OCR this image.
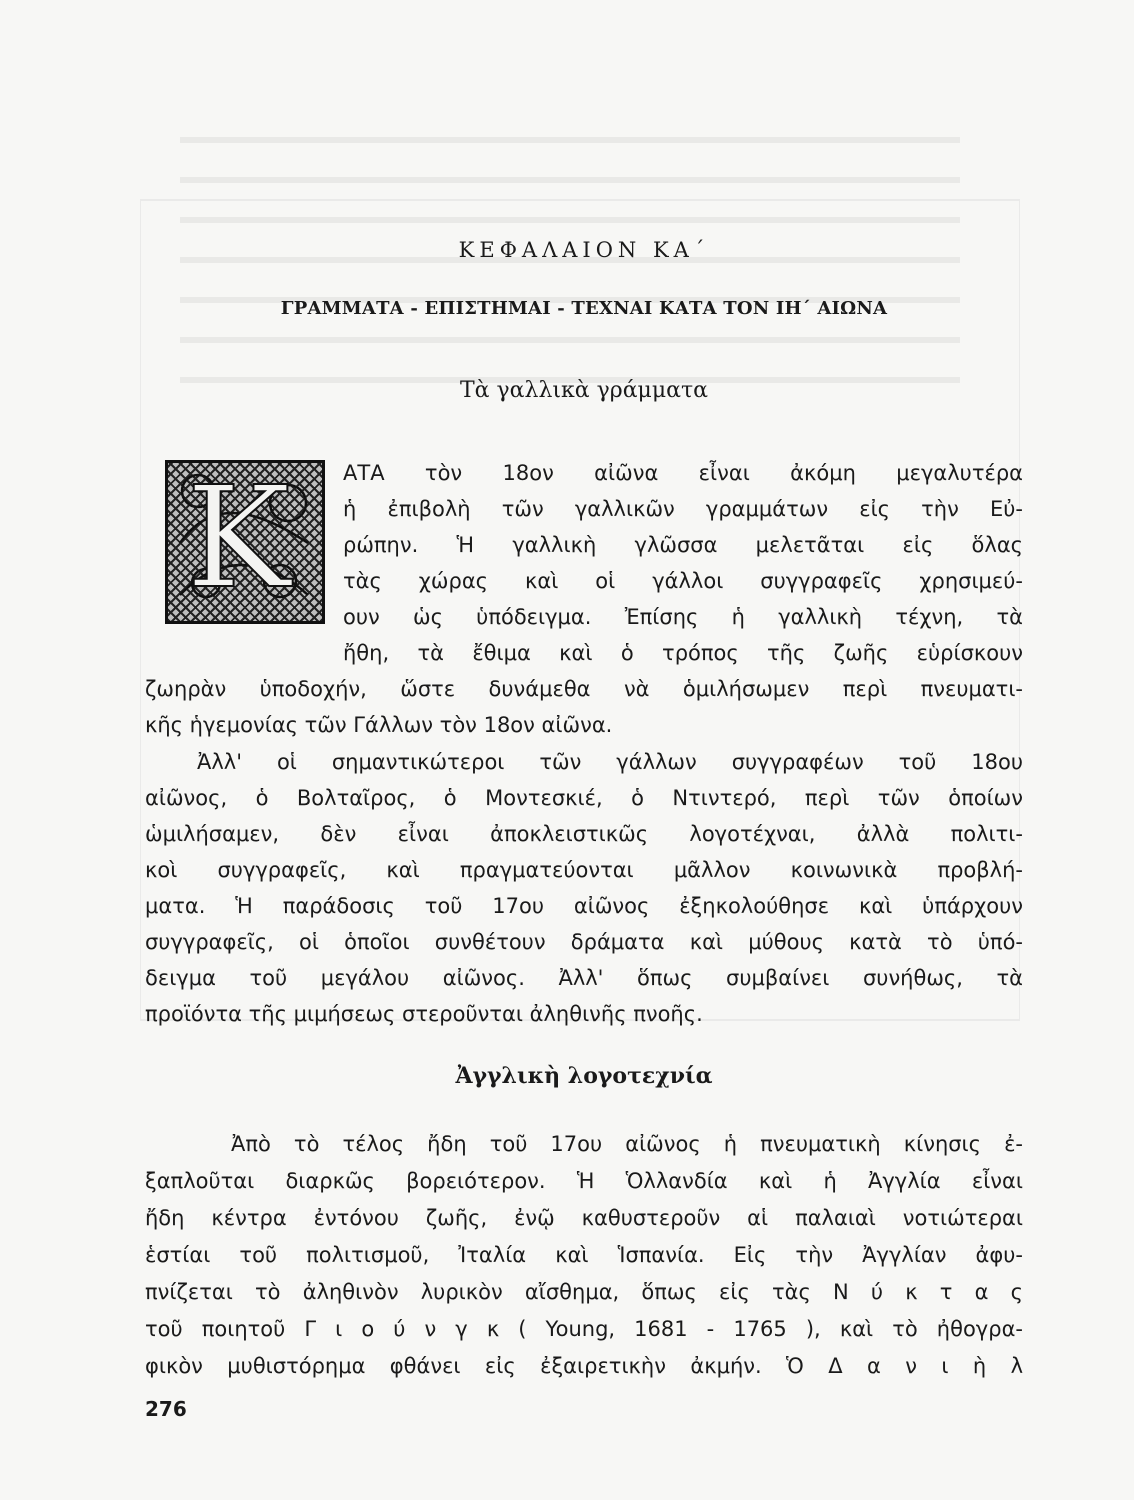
ΚΕΦΑΛΑΙΟΝ ΚΑ΄
ΓΡΑΜΜΑΤΑ - ΕΠΙΣΤΗΜΑΙ - ΤΕΧΝΑΙ ΚΑΤΑ ΤΟΝ ΙΗ΄ ΑΙΩΝΑ
Τὰ γαλλικὰ γράμματα
K ΑΤΑ τὸν 18ον αἰῶνα εἶναι ἀκόμη μεγαλυτέρα
ἡ ἐπιβολὴ τῶν γαλλικῶν γραμμάτων εἰς τὴν Εὐ-
ρώπην. Ἡ γαλλικὴ γλῶσσα μελετᾶται εἰς ὅλας
τὰς χώρας καὶ οἱ γάλλοι συγγραφεῖς χρησιμεύ-
ουν ὡς ὑπόδειγμα. Ἐπίσης ἡ γαλλικὴ τέχνη, τὰ
ἤθη, τὰ ἔθιμα καὶ ὁ τρόπος τῆς ζωῆς εὑρίσκουν
ζωηρὰν ὑποδοχήν, ὥστε δυνάμεθα νὰ ὁμιλήσωμεν περὶ πνευματι-
κῆς ἡγεμονίας τῶν Γάλλων τὸν 18ον αἰῶνα.
Ἀλλ' οἱ σημαντικώτεροι τῶν γάλλων συγγραφέων τοῦ 18ου
αἰῶνος, ὁ Βολταῖρος, ὁ Μοντεσκιέ, ὁ Ντιντερό, περὶ τῶν ὁποίων
ὡμιλήσαμεν, δὲν εἶναι ἀποκλειστικῶς λογοτέχναι, ἀλλὰ πολιτι-
κοὶ συγγραφεῖς, καὶ πραγματεύονται μᾶλλον κοινωνικὰ προβλή-
ματα. Ἡ παράδοσις τοῦ 17ου αἰῶνος ἐξηκολούθησε καὶ ὑπάρχουν
συγγραφεῖς, οἱ ὁποῖοι συνθέτουν δράματα καὶ μύθους κατὰ τὸ ὑπό-
δειγμα τοῦ μεγάλου αἰῶνος. Ἀλλ' ὅπως συμβαίνει συνήθως, τὰ
προϊόντα τῆς μιμήσεως στεροῦνται ἀληθινῆς πνοῆς.
Ἀγγλικὴ λογοτεχνία
Ἀπὸ τὸ τέλος ἤδη τοῦ 17ου αἰῶνος ἡ πνευματικὴ κίνησις ἐ-
ξαπλοῦται διαρκῶς βορειότερον. Ἡ Ὁλλανδία καὶ ἡ Ἀγγλία εἶναι
ἤδη κέντρα ἐντόνου ζωῆς, ἐνῷ καθυστεροῦν αἱ παλαιαὶ νοτιώτεραι
ἑστίαι τοῦ πολιτισμοῦ, Ἰταλία καὶ Ἱσπανία. Εἰς τὴν Ἀγγλίαν ἀφυ-
πνίζεται τὸ ἀληθινὸν λυρικὸν αἴσθημα, ὅπως εἰς τὰς Ν ύ κ τ α ς
τοῦ ποιητοῦ Γ ι ο ύ ν γ κ ( Young, 1681 - 1765 ), καὶ τὸ ἠθογρα-
φικὸν μυθιστόρημα φθάνει εἰς ἐξαιρετικὴν ἀκμήν. Ὁ Δ α ν ι ὴ λ
276
